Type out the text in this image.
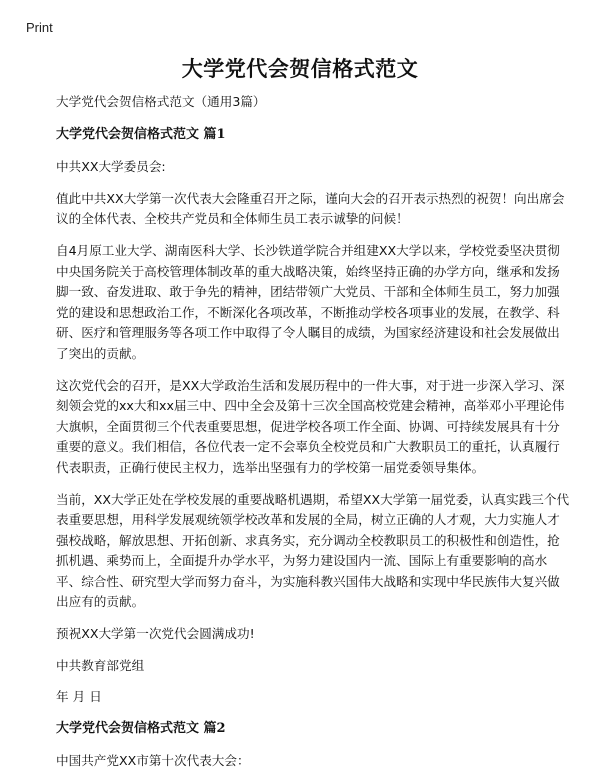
Print
大学党代会贺信格式范文

大学党代会贺信格式范文（通用3篇）

大学党代会贺信格式范文 篇1

中共XX大学委员会:

值此中共XX大学第一次代表大会隆重召开之际，谨向大会的召开表示热烈的祝贺！向出席会议的全体代表、全校共产党员和全体师生员工表示诚挚的问候！

自4月原工业大学、湖南医科大学、长沙铁道学院合并组建XX大学以来，学校党委坚决贯彻中央国务院关于高校管理体制改革的重大战略决策，始终坚持正确的办学方向，继承和发扬脚一致、奋发进取、敢于争先的精神，团结带领广大党员、干部和全体师生员工，努力加强党的建设和思想政治工作，不断深化各项改革，不断推动学校各项事业的发展，在教学、科研、医疗和管理服务等各项工作中取得了令人瞩目的成绩，为国家经济建设和社会发展做出了突出的贡献。

这次党代会的召开，是XX大学政治生活和发展历程中的一件大事，对于进一步深入学习、深刻领会党的xx大和xx届三中、四中全会及第十三次全国高校党建会精神，高举邓小平理论伟大旗帜，全面贯彻三个代表重要思想，促进学校各项工作全面、协调、可持续发展具有十分重要的意义。我们相信，各位代表一定不会辜负全校党员和广大教职员工的重托，认真履行代表职责，正确行使民主权力，选举出坚强有力的学校第一届党委领导集体。

当前，XX大学正处在学校发展的重要战略机遇期，希望XX大学第一届党委，认真实践三个代表重要思想，用科学发展观统领学校改革和发展的全局，树立正确的人才观，大力实施人才强校战略，解放思想、开拓创新、求真务实，充分调动全校教职员工的积极性和创造性，抢抓机遇、乘势而上，全面提升办学水平，为努力建设国内一流、国际上有重要影响的高水平、综合性、研究型大学而努力奋斗，为实施科教兴国伟大战略和实现中华民族伟大复兴做出应有的贡献。

预祝XX大学第一次党代会圆满成功!

中共教育部党组

年 月 日

大学党代会贺信格式范文 篇2

中国共产党XX市第十次代表大会：
